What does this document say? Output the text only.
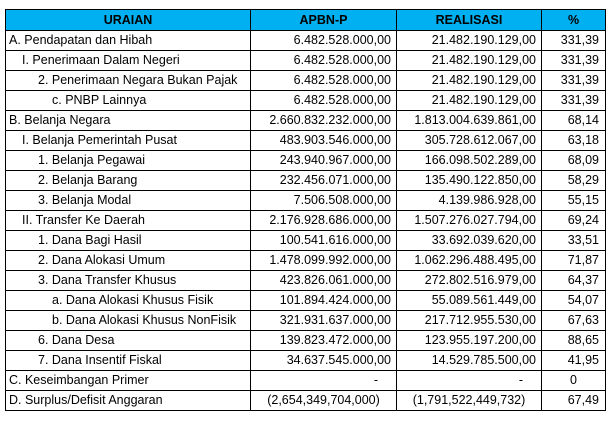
URAIAN	APBN-P	REALISASI	%
A. Pendapatan dan Hibah	6.482.528.000,00	21.482.190.129,00	331,39
I. Penerimaan Dalam Negeri	6.482.528.000,00	21.482.190.129,00	331,39
2. Penerimaan Negara Bukan Pajak	6.482.528.000,00	21.482.190.129,00	331,39
c. PNBP Lainnya	6.482.528.000,00	21.482.190.129,00	331,39
B. Belanja Negara	2.660.832.232.000,00	1.813.004.639.861,00	68,14
I. Belanja Pemerintah Pusat	483.903.546.000,00	305.728.612.067,00	63,18
1. Belanja Pegawai	243.940.967.000,00	166.098.502.289,00	68,09
2. Belanja Barang	232.456.071.000,00	135.490.122.850,00	58,29
3. Belanja Modal	7.506.508.000,00	4.139.986.928,00	55,15
II. Transfer Ke Daerah	2.176.928.686.000,00	1.507.276.027.794,00	69,24
1. Dana Bagi Hasil	100.541.616.000,00	33.692.039.620,00	33,51
2. Dana Alokasi Umum	1.478.099.992.000,00	1.062.296.488.495,00	71,87
3. Dana Transfer Khusus	423.826.061.000,00	272.802.516.979,00	64,37
a. Dana Alokasi Khusus Fisik	101.894.424.000,00	55.089.561.449,00	54,07
b. Dana Alokasi Khusus NonFisik	321.931.637.000,00	217.712.955.530,00	67,63
6. Dana Desa	139.823.472.000,00	123.955.197.200,00	88,65
7. Dana Insentif Fiskal	34.637.545.000,00	14.529.785.500,00	41,95
C. Keseimbangan Primer	-	-	0
D. Surplus/Defisit Anggaran	(2,654,349,704,000)	(1,791,522,449,732)	67,49
